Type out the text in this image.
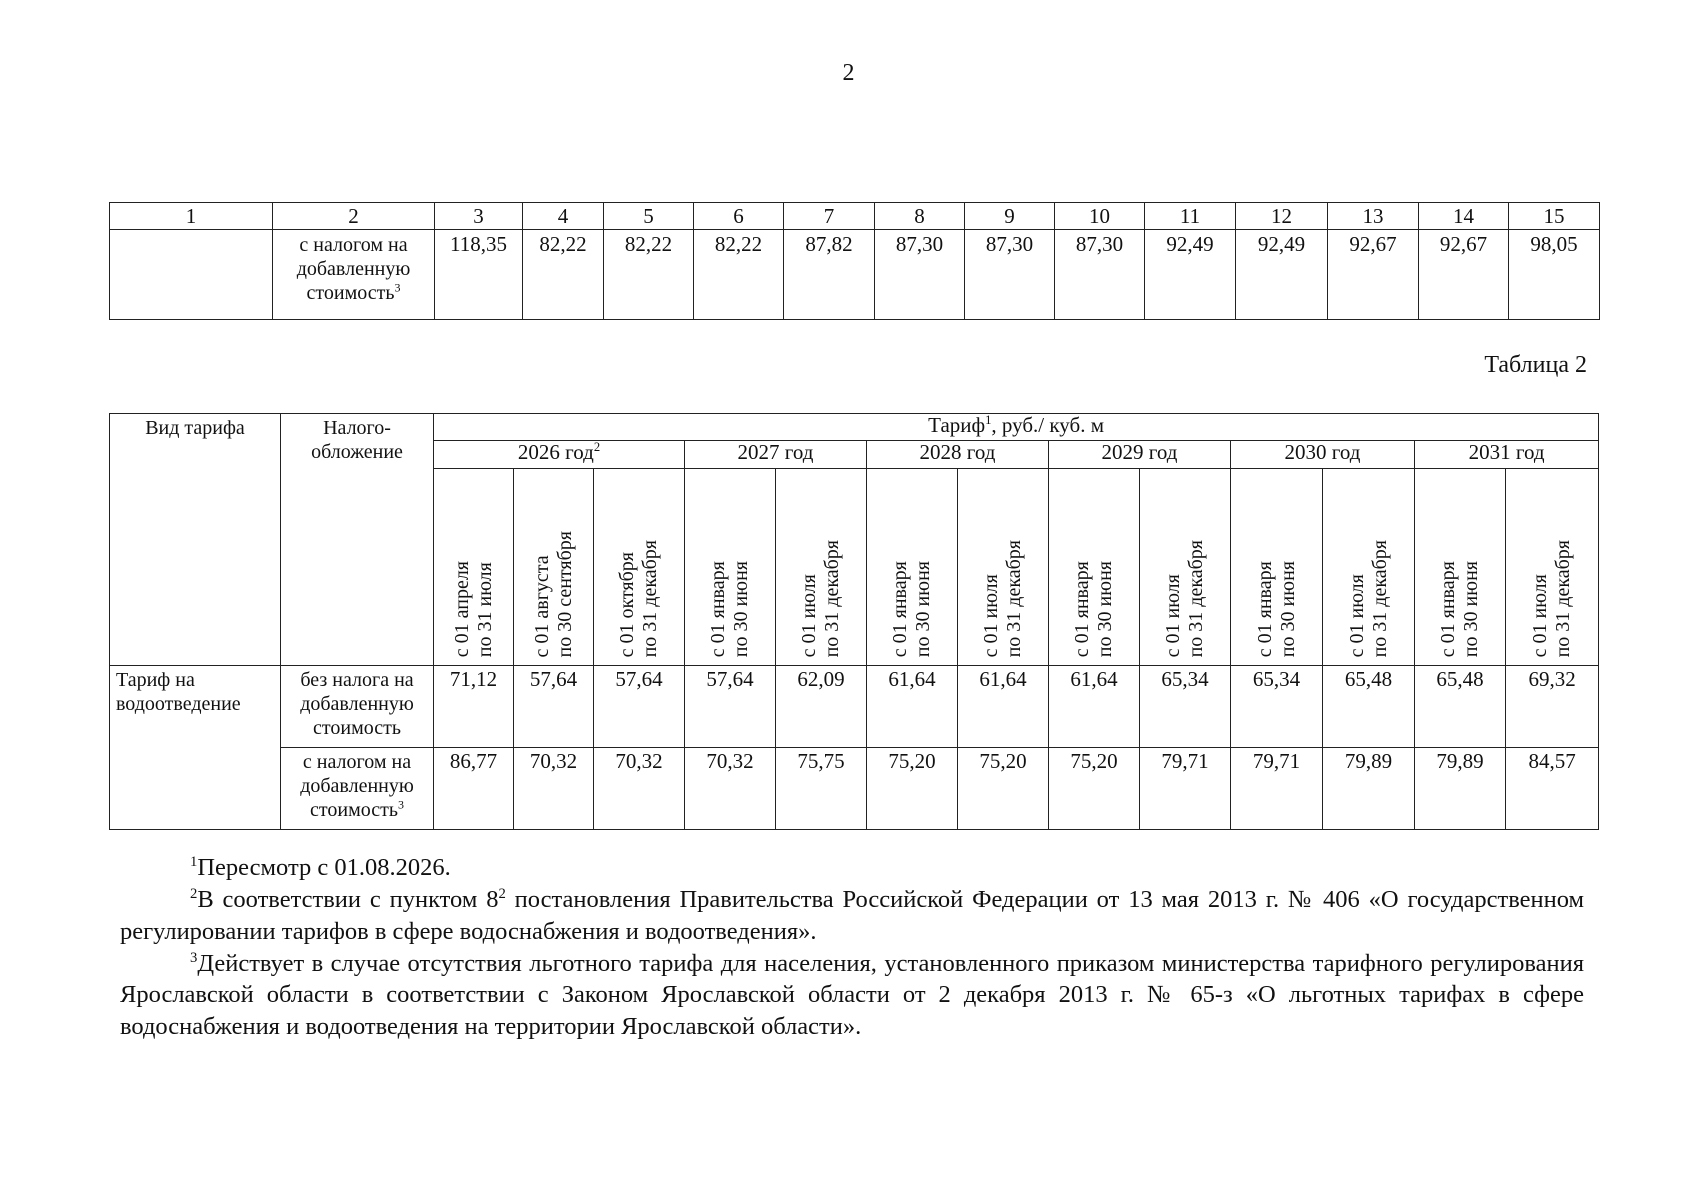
2
1	2	3	4	5	6	7	8	9	10	11	12	13	14	15
	с налогом на добавленную стоимость$^3$	118,35	82,22	82,22	82,22	87,82	87,30	87,30	87,30	92,49	92,49	92,67	92,67	98,05
Таблица 2
Вид тарифа	Налого-обложение	Тариф$^1$, руб./ куб. м												
		2026 год$^2$			2027 год		2028 год		2029 год		2030 год		2031 год	

		с 01 апреля
по 31 июля	с 01 августа
по 30 сентября	с 01 октября
по 31 декабря	с 01 января
по 30 июня	с 01 июля
по 31 декабря	с 01 января
по 30 июня	с 01 июля
по 31 декабря	с 01 января
по 30 июня	с 01 июля
по 31 декабря	с 01 января
по 30 июня	с 01 июля
по 31 декабря	с 01 января
по 30 июня	с 01 июля
по 31 декабря

Тариф на водоотведение	без налога на добавленную стоимость	71,12	57,64	57,64	57,64	62,09	61,64	61,64	61,64	65,34	65,34	65,48	65,48	69,32
	с налогом на добавленную стоимость$^3$	86,77	70,32	70,32	70,32	75,75	75,20	75,20	75,20	79,71	79,71	79,89	79,89	84,57

$^1$Пересмотр с 01.08.2026.

$^2$В соответствии с пунктом $8^2$ постановления Правительства Российской Федерации от 13 мая 2013 г. № 406 «О государственном регулировании тарифов в сфере водоснабжения и водоотведения».

$^3$Действует в случае отсутствия льготного тарифа для населения, установленного приказом министерства тарифного регулирования Ярославской области в соответствии с Законом Ярославской области от 2 декабря 2013 г. № 65-з «О льготных тарифах в сфере водоснабжения и водоотведения на территории Ярославской области».
